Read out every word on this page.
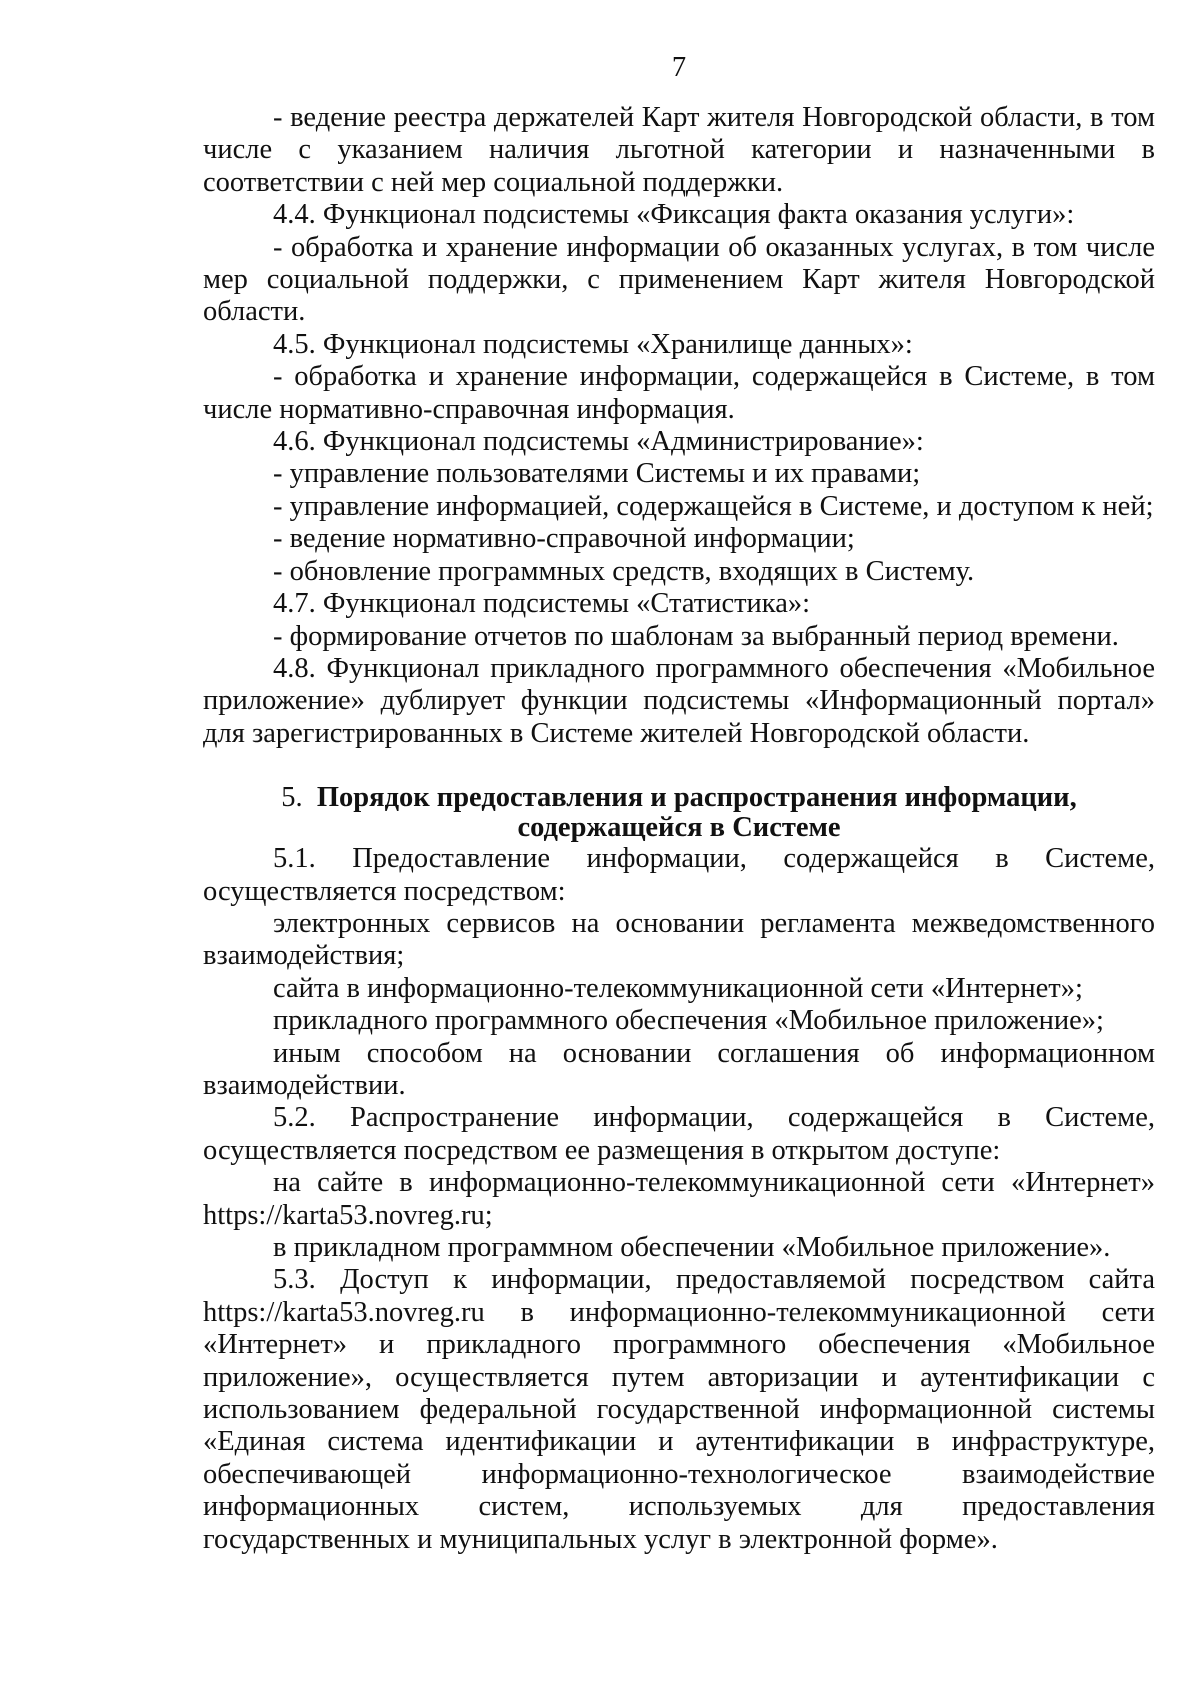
7

- ведение реестра держателей Карт жителя Новгородской области, в том числе с указанием наличия льготной категории и назначенными в соответствии с ней мер социальной поддержки.

4.4. Функционал подсистемы «Фиксация факта оказания услуги»:

- обработка и хранение информации об оказанных услугах, в том числе мер социальной поддержки, с применением Карт жителя Новгородской области.

4.5. Функционал подсистемы «Хранилище данных»:

- обработка и хранение информации, содержащейся в Системе, в том числе нормативно-справочная информация.

4.6. Функционал подсистемы «Администрирование»:

- управление пользователями Системы и их правами;

- управление информацией, содержащейся в Системе, и доступом к ней;

- ведение нормативно-справочной информации;

- обновление программных средств, входящих в Систему.

4.7. Функционал подсистемы «Статистика»:

- формирование отчетов по шаблонам за выбранный период времени.

4.8. Функционал прикладного программного обеспечения «Мобильное приложение» дублирует функции подсистемы «Информационный портал» для зарегистрированных в Системе жителей Новгородской области.

5. Порядок предоставления и распространения информации,
содержащейся в Системе

5.1. Предоставление информации, содержащейся в Системе, осуществляется посредством:

электронных сервисов на основании регламента межведомственного взаимодействия;

сайта в информационно-телекоммуникационной сети «Интернет»;

прикладного программного обеспечения «Мобильное приложение»;

иным способом на основании соглашения об информационном взаимодействии.

5.2. Распространение информации, содержащейся в Системе, осуществляется посредством ее размещения в открытом доступе:

на сайте в информационно-телекоммуникационной сети «Интернет» https://karta53.novreg.ru;

в прикладном программном обеспечении «Мобильное приложение».

5.3. Доступ к информации, предоставляемой посредством сайта https://karta53.novreg.ru в информационно-телекоммуникационной сети «Интернет» и прикладного программного обеспечения «Мобильное приложение», осуществляется путем авторизации и аутентификации с использованием федеральной государственной информационной системы «Единая система идентификации и аутентификации в инфраструктуре, обеспечивающей информационно-технологическое взаимодействие информационных систем, используемых для предоставления государственных и муниципальных услуг в электронной форме».
